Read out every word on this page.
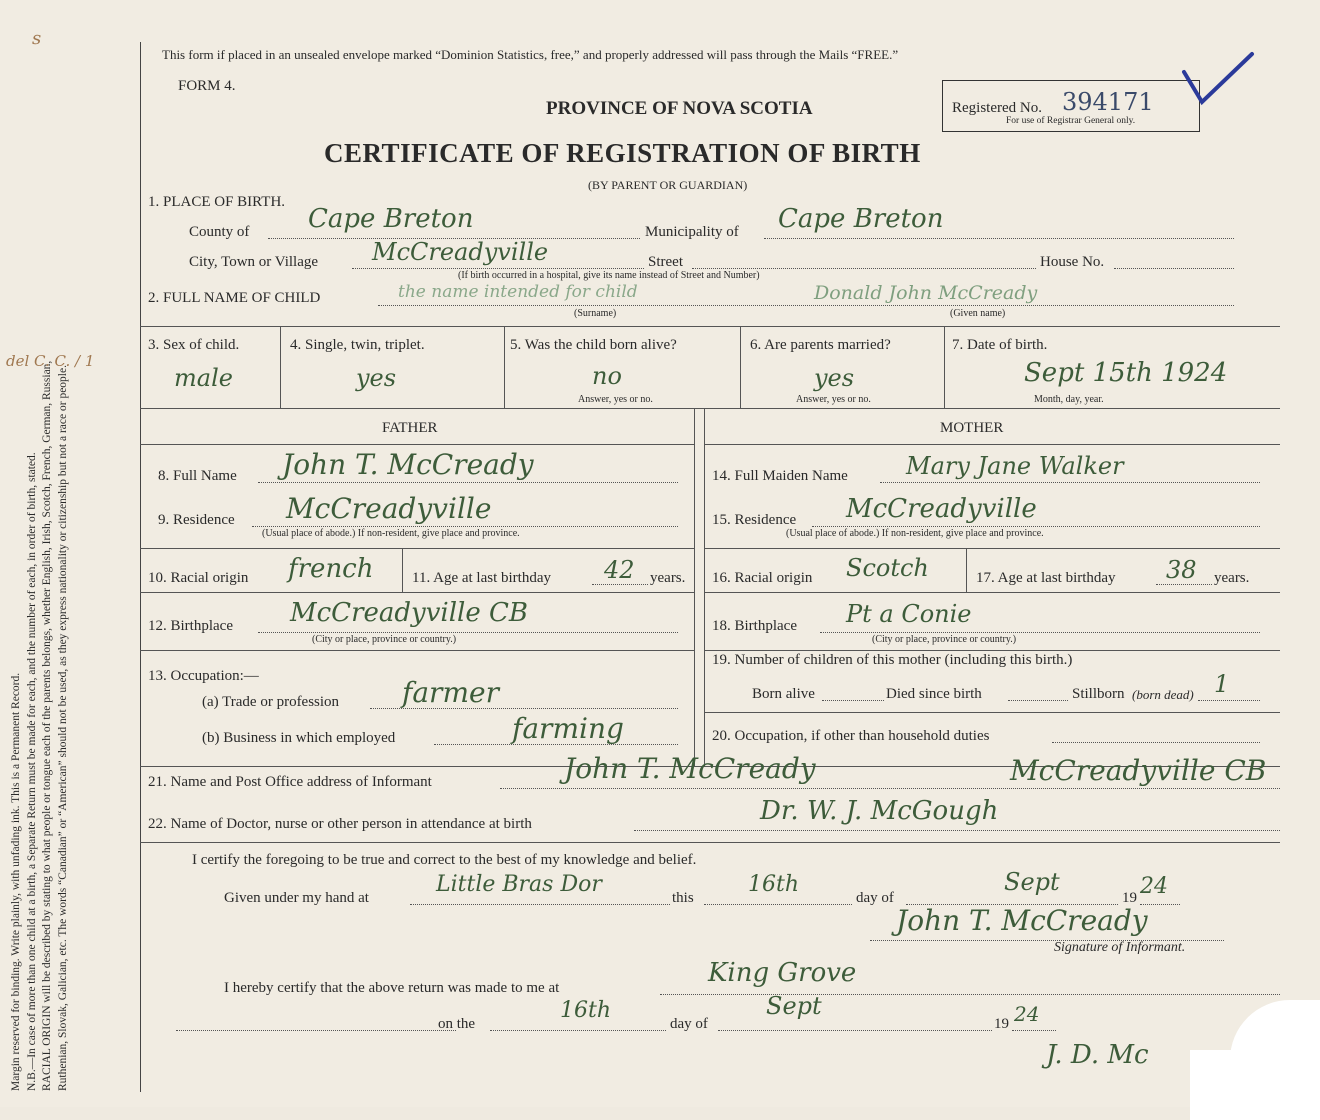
Margin reserved for binding. Write plainly, with unfading ink. This is a Permanent Record. N.B.—In case of more than one child at a birth, a Separate Return must be made for each, and the number of each, in order of birth, stated. RACIAL ORIGIN will be described by stating to what people or tongue each of the parents belongs, whether English, Irish, Scotch, French, German, Russian, Ruthenian, Slovak, Galician, etc. The words “Canadian” or “American” should not be used, as they express nationality or citizenship but not a race or people.
s
del C. C. / 1
This form if placed in an unsealed envelope marked “Dominion Statistics, free,” and properly addressed will pass through the Mails “FREE.”
FORM 4.
PROVINCE OF NOVA SCOTIA
CERTIFICATE OF REGISTRATION OF BIRTH
(BY PARENT OR GUARDIAN)
Registered No. 394171
For use of Registrar General only.
1. PLACE OF BIRTH.
County of Cape Breton	Municipality of Cape Breton
City, Town or Village McCreadyville	Street	House No.
(If birth occurred in a hospital, give its name instead of Street and Number)
2. FULL NAME OF CHILD	the name intended for child	Donald John McCready
(Surname)	(Given name)
3. Sex of child.
male
4. Single, twin, triplet.
yes
5. Was the child born alive?
no
Answer, yes or no.
6. Are parents married?
yes
Answer, yes or no.
7. Date of birth.
Sept 15th 1924
Month, day, year.
FATHER	MOTHER
8. Full Name John T. McCready	14. Full Maiden Name Mary Jane Walker
9. Residence McCreadyville
(Usual place of abode.) If non-resident, give place and province.
15. Residence McCreadyville
(Usual place of abode.) If non-resident, give place and province.
10. Racial origin french	11. Age at last birthday 42 years. 16. Racial origin Scotch	17. Age at last birthday 38 years.
12. Birthplace McCreadyville CB
(City or place, province or country.)
18. Birthplace Pt a Conie
(City or place, province or country.)
13. Occupation:—
(a) Trade or profession farmer
(b) Business in which employed	farming
19. Number of children of this mother (including this birth.)
Born alive	Died since birth	Stillborn (born dead) 1
20. Occupation, if other than household duties
21. Name and Post Office address of Informant	John T. McCready	McCreadyville CB
22. Name of Doctor, nurse or other person in attendance at birth	Dr. W. J. McGough
I certify the foregoing to be true and correct to the best of my knowledge and belief.
Given under my hand at
Little Bras Dor
this
16th
day of
Sept
19 24
John T. McCready
Signature of Informant.
I hereby certify that the above return was made to me at	King Grove
on the
16th
day of
Sept
19 24
J. D. Mc
